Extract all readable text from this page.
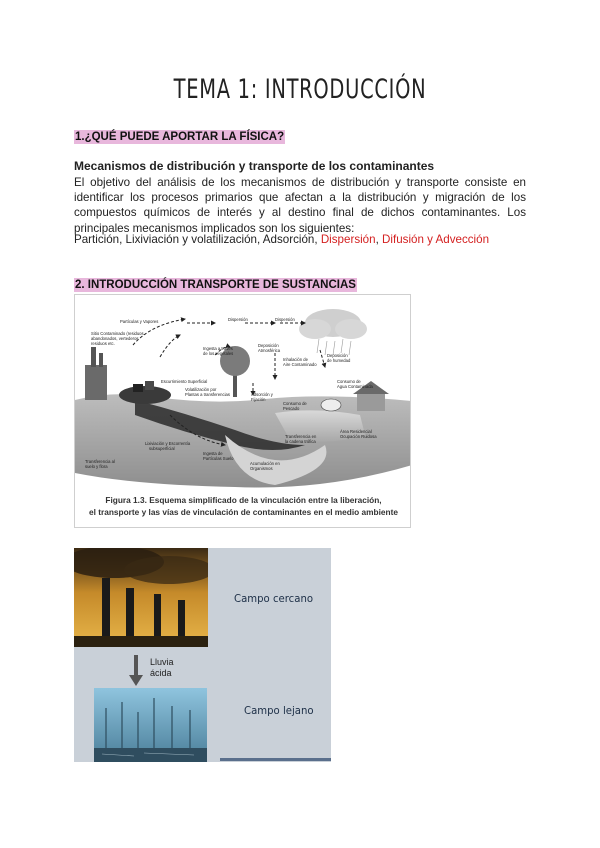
TEMA 1: INTRODUCCIÓN
1.¿QUÉ PUEDE APORTAR LA FÍSICA?
Mecanismos de distribución y transporte de los contaminantes
El objetivo del análisis de los mecanismos de distribución y transporte consiste en identificar los procesos primarios que afectan a la distribución y migración de los compuestos químicos de interés y al destino final de dichos contaminantes. Los principales mecanismos implicados son los siguientes:
Partición, Lixiviación y volatilización, Adsorción, Dispersión, Difusión y Advección
2. INTRODUCCIÓN TRANSPORTE DE SUSTANCIAS
Partículas y Vapores	Dispersión	Dispersión
Sitio Contaminado (residuos
abandonados, vertederos
residuos etc.
Ingesta a través
de los vegetales
Deposición
Atmosférica
Inhalación de
Aire Contaminado
Deposición
de humedad
Escurrimiento Superficial
Volatilización por
Plantas a transferencias
Consumo de
Agua Contaminada
Adsorción y
Fijación
Consumo de
Pescado
Lixiviación y Escorrentía
subsuperficial
Transferencia en
la cadena trófica
Área Residencial
Ocupación Ruidosa
Ingesta de
Partículas Suelo
Acumulación en
Organismos
Transferencia al
suelo y flora
Figura 1.3. Esquema simplificado de la vinculación entre la liberación,
el transporte y las vías de vinculación de contaminantes en el medio ambiente
Campo cercano
Lluvia
ácida
Campo lejano
